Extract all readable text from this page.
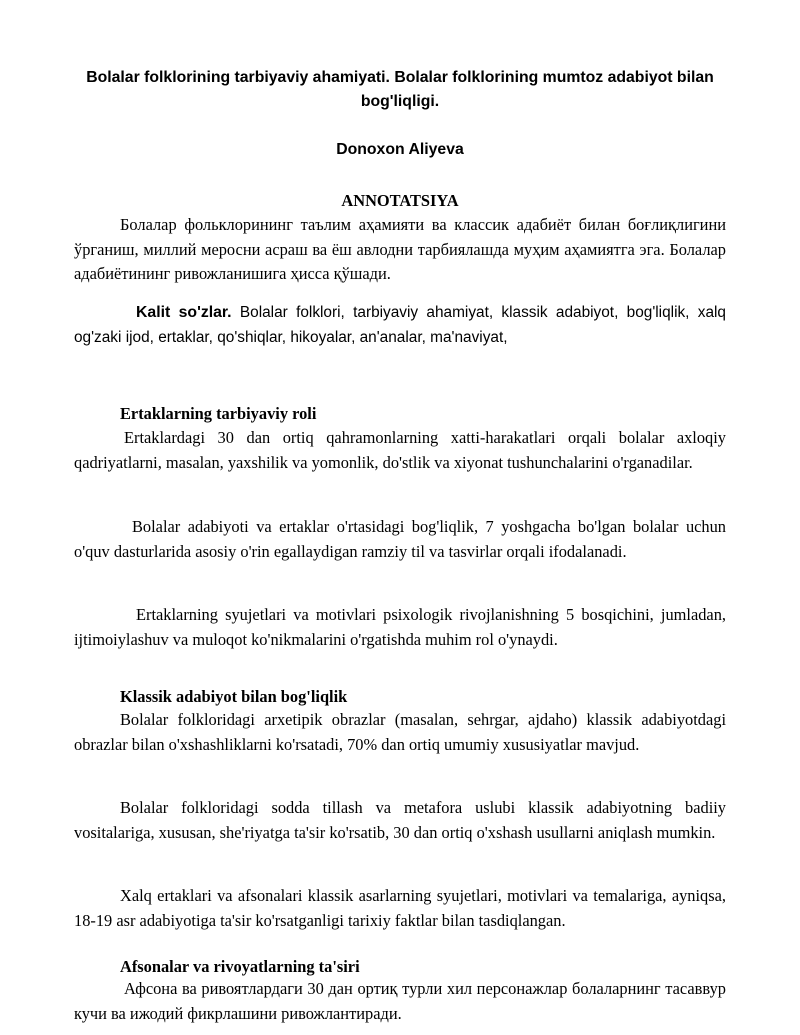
Bolalar folklorining tarbiyaviy ahamiyati. Bolalar folklorining mumtoz adabiyot bilan bog'liqligi.
Donoxon Aliyeva
ANNOTATSIYA

Болалар фольклорининг таълим аҳамияти ва классик адабиёт билан боғлиқлигини ўрганиш, миллий меросни асраш ва ёш авлодни тарбиялашда муҳим аҳамиятга эга. Болалар адабиётининг ривожланишига ҳисса қўшади.

Kalit so'zlar. Bolalar folklori, tarbiyaviy ahamiyat, klassik adabiyot, bog'liqlik, xalq og'zaki ijod, ertaklar, qo'shiqlar, hikoyalar, an'analar, ma'naviyat,

Ertaklarning tarbiyaviy roli

Ertaklardagi 30 dan ortiq qahramonlarning xatti-harakatlari orqali bolalar axloqiy qadriyatlarni, masalan, yaxshilik va yomonlik, do'stlik va xiyonat tushunchalarini o'rganadilar.

Bolalar adabiyoti va ertaklar o'rtasidagi bog'liqlik, 7 yoshgacha bo'lgan bolalar uchun o'quv dasturlarida asosiy o'rin egallaydigan ramziy til va tasvirlar orqali ifodalanadi.

Ertaklarning syujetlari va motivlari psixologik rivojlanishning 5 bosqichini, jumladan, ijtimoiylashuv va muloqot ko'nikmalarini o'rgatishda muhim rol o'ynaydi.

Klassik adabiyot bilan bog'liqlik

Bolalar folkloridagi arxetipik obrazlar (masalan, sehrgar, ajdaho) klassik adabiyotdagi obrazlar bilan o'xshashliklarni ko'rsatadi, 70% dan ortiq umumiy xususiyatlar mavjud.

Bolalar folkloridagi sodda tillash va metafora uslubi klassik adabiyotning badiiy vositalariga, xususan, she'riyatga ta'sir ko'rsatib, 30 dan ortiq o'xshash usullarni aniqlash mumkin.

Xalq ertaklari va afsonalari klassik asarlarning syujetlari, motivlari va temalariga, ayniqsa, 18-19 asr adabiyotiga ta'sir ko'rsatganligi tarixiy faktlar bilan tasdiqlangan.

Afsonalar va rivoyatlarning ta'siri

Афсона ва ривоятлардаги 30 дан ортиқ турли хил персонажлар болаларнинг тасаввур кучи ва ижодий фикрлашини ривожлантиради.
